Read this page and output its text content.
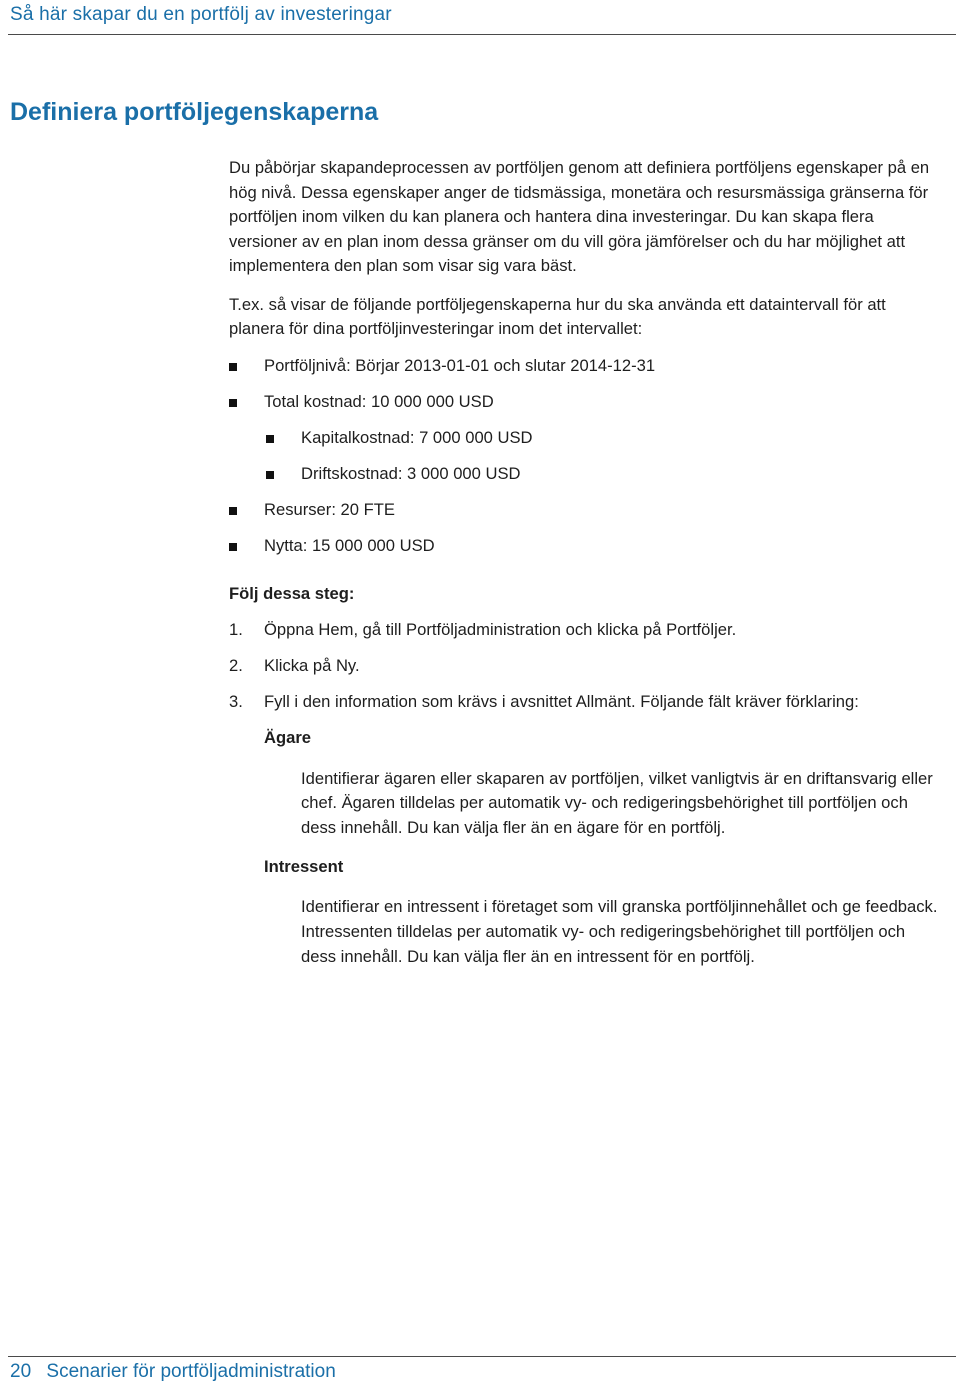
Så här skapar du en portfölj av investeringar
Definiera portföljegenskaperna

Du påbörjar skapandeprocessen av portföljen genom att definiera portföljens egenskaper på en hög nivå. Dessa egenskaper anger de tidsmässiga, monetära och resursmässiga gränserna för portföljen inom vilken du kan planera och hantera dina investeringar. Du kan skapa flera versioner av en plan inom dessa gränser om du vill göra jämförelser och du har möjlighet att implementera den plan som visar sig vara bäst.

T.ex. så visar de följande portföljegenskaperna hur du ska använda ett dataintervall för att planera för dina portföljinvesteringar inom det intervallet:

Portföljnivå: Börjar 2013-01-01 och slutar 2014-12-31
Total kostnad: 10 000 000 USD
Kapitalkostnad: 7 000 000 USD
Driftskostnad: 3 000 000 USD
Resurser: 20 FTE
Nytta: 15 000 000 USD

Följ dessa steg:

1. Öppna Hem, gå till Portföljadministration och klicka på Portföljer.
2. Klicka på Ny.
3. Fyll i den information som krävs i avsnittet Allmänt. Följande fält kräver förklaring:
Ägare
Identifierar ägaren eller skaparen av portföljen, vilket vanligtvis är en driftansvarig eller chef. Ägaren tilldelas per automatik vy- och redigeringsbehörighet till portföljen och dess innehåll. Du kan välja fler än en ägare för en portfölj.
Intressent
Identifierar en intressent i företaget som vill granska portföljinnehållet och ge feedback. Intressenten tilldelas per automatik vy- och redigeringsbehörighet till portföljen och dess innehåll. Du kan välja fler än en intressent för en portfölj.
20 Scenarier för portföljadministration
